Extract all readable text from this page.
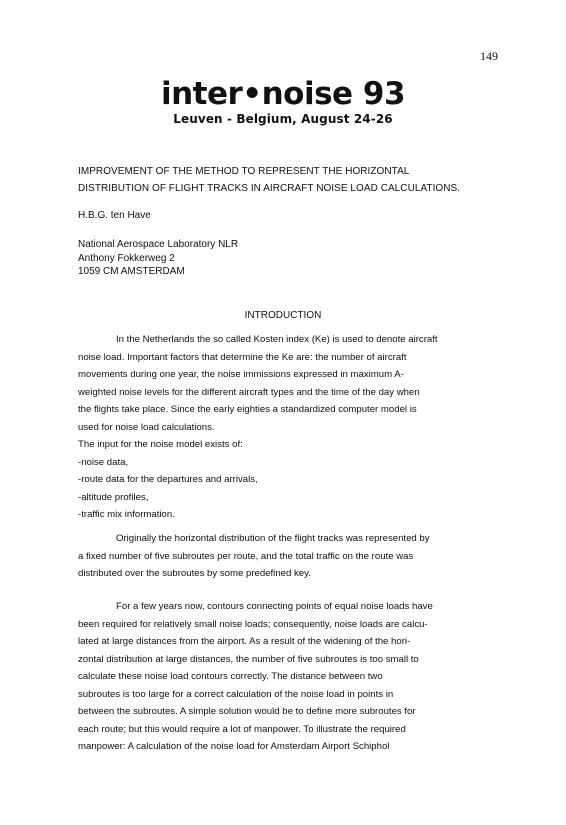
149
inter•noise 93
Leuven - Belgium, August 24-26
IMPROVEMENT OF THE METHOD TO REPRESENT THE HORIZONTAL
DISTRIBUTION OF FLIGHT TRACKS IN AIRCRAFT NOISE LOAD CALCULATIONS.
H.B.G. ten Have
National Aerospace Laboratory NLR
Anthony Fokkerweg 2
1059 CM AMSTERDAM
INTRODUCTION
In the Netherlands the so called Kosten index (Ke) is used to denote aircraft
noise load. Important factors that determine the Ke are: the number of aircraft
movements during one year, the noise immissions expressed in maximum A-
weighted noise levels for the different aircraft types and the time of the day when
the flights take place. Since the early eighties a standardized computer model is
used for noise load calculations.
The input for the noise model exists of:
-noise data,
-route data for the departures and arrivals,
-altitude profiles,
-traffic mix information.
Originally the horizontal distribution of the flight tracks was represented by
a fixed number of five subroutes per route, and the total traffic on the route was
distributed over the subroutes by some predefined key.
For a few years now, contours connecting points of equal noise loads have
been required for relatively small noise loads; consequently, noise loads are calcu-
lated at large distances from the airport. As a result of the widening of the hori-
zontal distribution at large distances, the number of five subroutes is too small to
calculate these noise load contours correctly. The distance between two
subroutes is too large for a correct calculation of the noise load in points in
between the subroutes. A simple solution would be to define more subroutes for
each route; but this would require a lot of manpower. To illustrate the required
manpower: A calculation of the noise load for Amsterdam Airport Schiphol
